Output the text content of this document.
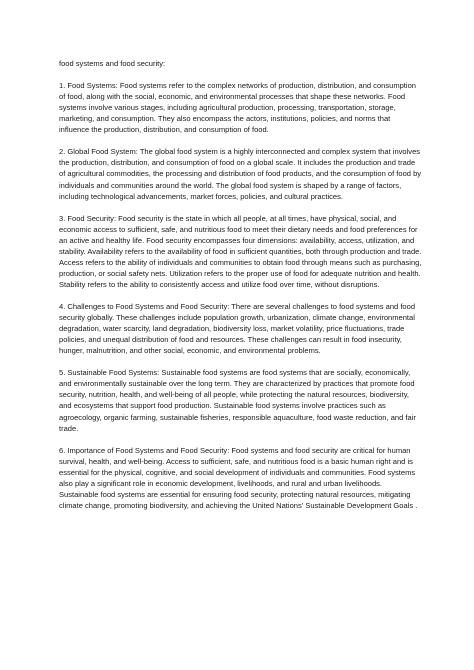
food systems and food security:

1. Food Systems: Food systems refer to the complex networks of production, distribution, and consumption of food, along with the social, economic, and environmental processes that shape these networks. Food systems involve various stages, including agricultural production, processing, transportation, storage, marketing, and consumption. They also encompass the actors, institutions, policies, and norms that influence the production, distribution, and consumption of food.

2. Global Food System: The global food system is a highly interconnected and complex system that involves the production, distribution, and consumption of food on a global scale. It includes the production and trade of agricultural commodities, the processing and distribution of food products, and the consumption of food by individuals and communities around the world. The global food system is shaped by a range of factors, including technological advancements, market forces, policies, and cultural practices.

3. Food Security: Food security is the state in which all people, at all times, have physical, social, and economic access to sufficient, safe, and nutritious food to meet their dietary needs and food preferences for an active and healthy life. Food security encompasses four dimensions: availability, access, utilization, and stability. Availability refers to the availability of food in sufficient quantities, both through production and trade. Access refers to the ability of individuals and communities to obtain food through means such as purchasing, production, or social safety nets. Utilization refers to the proper use of food for adequate nutrition and health. Stability refers to the ability to consistently access and utilize food over time, without disruptions.

4. Challenges to Food Systems and Food Security: There are several challenges to food systems and food security globally. These challenges include population growth, urbanization, climate change, environmental degradation, water scarcity, land degradation, biodiversity loss, market volatility, price fluctuations, trade policies, and unequal distribution of food and resources. These challenges can result in food insecurity, hunger, malnutrition, and other social, economic, and environmental problems.

5. Sustainable Food Systems: Sustainable food systems are food systems that are socially, economically, and environmentally sustainable over the long term. They are characterized by practices that promote food security, nutrition, health, and well-being of all people, while protecting the natural resources, biodiversity, and ecosystems that support food production. Sustainable food systems involve practices such as agroecology, organic farming, sustainable fisheries, responsible aquaculture, food waste reduction, and fair trade.

6. Importance of Food Systems and Food Security: Food systems and food security are critical for human survival, health, and well-being. Access to sufficient, safe, and nutritious food is a basic human right and is essential for the physical, cognitive, and social development of individuals and communities. Food systems also play a significant role in economic development, livelihoods, and rural and urban livelihoods. Sustainable food systems are essential for ensuring food security, protecting natural resources, mitigating climate change, promoting biodiversity, and achieving the United Nations' Sustainable Development Goals .
